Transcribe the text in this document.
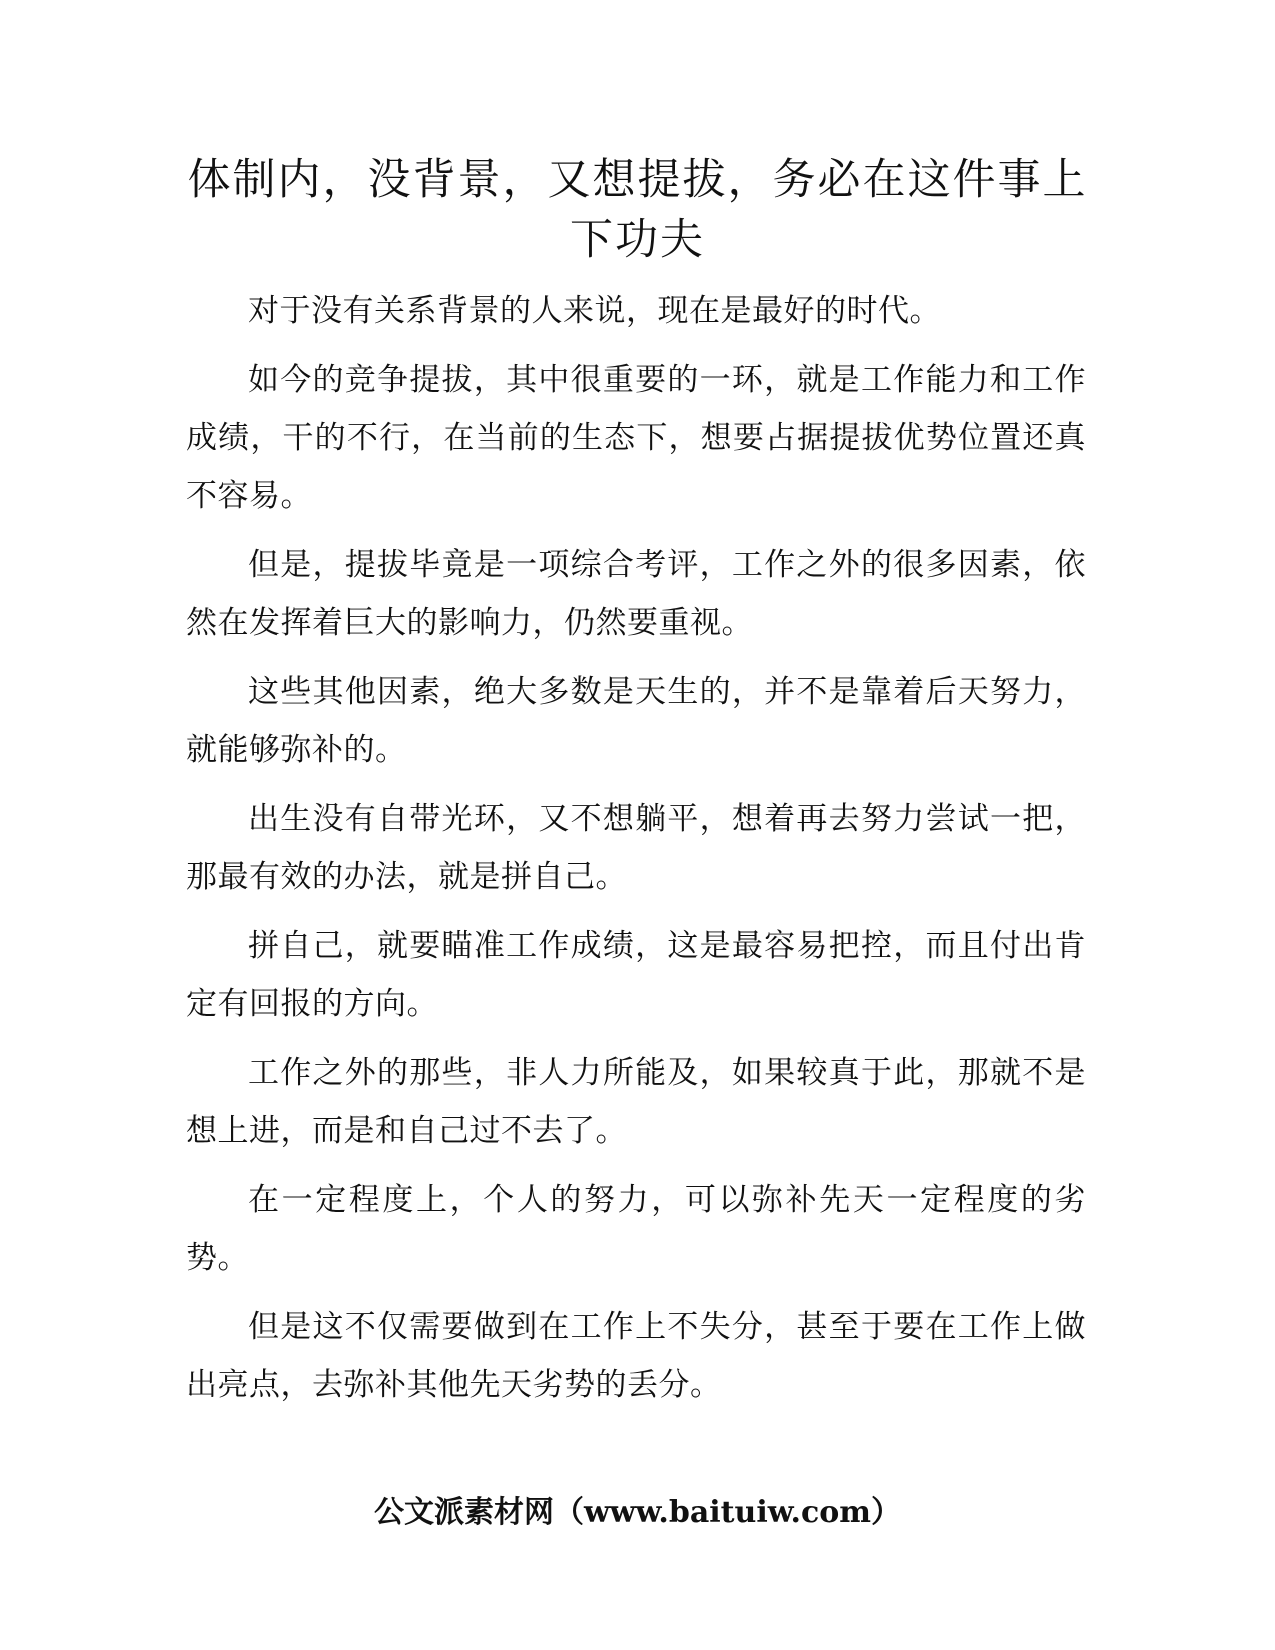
体制内，没背景，又想提拔，务必在这件事上下功夫

对于没有关系背景的人来说，现在是最好的时代。

如今的竞争提拔，其中很重要的一环，就是工作能力和工作成绩，干的不行，在当前的生态下，想要占据提拔优势位置还真不容易。

但是，提拔毕竟是一项综合考评，工作之外的很多因素，依然在发挥着巨大的影响力，仍然要重视。

这些其他因素，绝大多数是天生的，并不是靠着后天努力，就能够弥补的。

出生没有自带光环，又不想躺平，想着再去努力尝试一把，那最有效的办法，就是拼自己。

拼自己，就要瞄准工作成绩，这是最容易把控，而且付出肯定有回报的方向。

工作之外的那些，非人力所能及，如果较真于此，那就不是想上进，而是和自己过不去了。

在一定程度上，个人的努力，可以弥补先天一定程度的劣势。

但是这不仅需要做到在工作上不失分，甚至于要在工作上做出亮点，去弥补其他先天劣势的丢分。

公文派素材网（www.baituiw.com）
